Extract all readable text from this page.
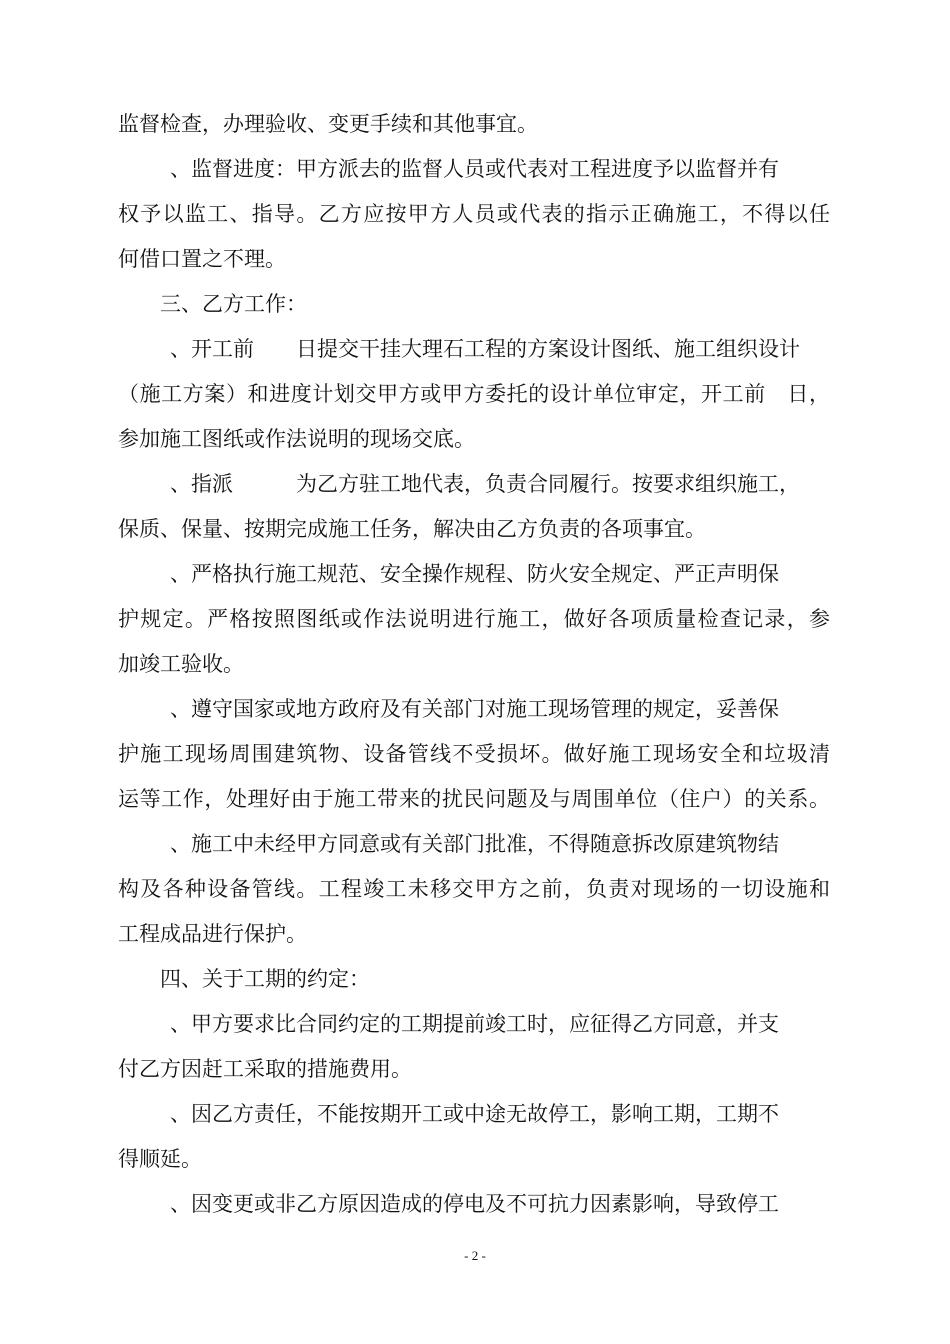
监督检查，办理验收、变更手续和其他事宜。
、监督进度：甲方派去的监督人员或代表对工程进度予以监督并有
权予以监工、指导。乙方应按甲方人员或代表的指示正确施工，不得以任
何借口置之不理。
三、乙方工作：
、开工前　　日提交干挂大理石工程的方案设计图纸、施工组织设计
（施工方案）和进度计划交甲方或甲方委托的设计单位审定，开工前　日，
参加施工图纸或作法说明的现场交底。
、指派　　　为乙方驻工地代表，负责合同履行。按要求组织施工，
保质、保量、按期完成施工任务，解决由乙方负责的各项事宜。
、严格执行施工规范、安全操作规程、防火安全规定、严正声明保
护规定。严格按照图纸或作法说明进行施工，做好各项质量检查记录，参
加竣工验收。
、遵守国家或地方政府及有关部门对施工现场管理的规定，妥善保
护施工现场周围建筑物、设备管线不受损坏。做好施工现场安全和垃圾清
运等工作，处理好由于施工带来的扰民问题及与周围单位（住户）的关系。
、施工中未经甲方同意或有关部门批准，不得随意拆改原建筑物结
构及各种设备管线。工程竣工未移交甲方之前，负责对现场的一切设施和
工程成品进行保护。
四、关于工期的约定：
、甲方要求比合同约定的工期提前竣工时，应征得乙方同意，并支
付乙方因赶工采取的措施费用。
、因乙方责任，不能按期开工或中途无故停工，影响工期，工期不
得顺延。
、因变更或非乙方原因造成的停电及不可抗力因素影响，导致停工
- 2 -
